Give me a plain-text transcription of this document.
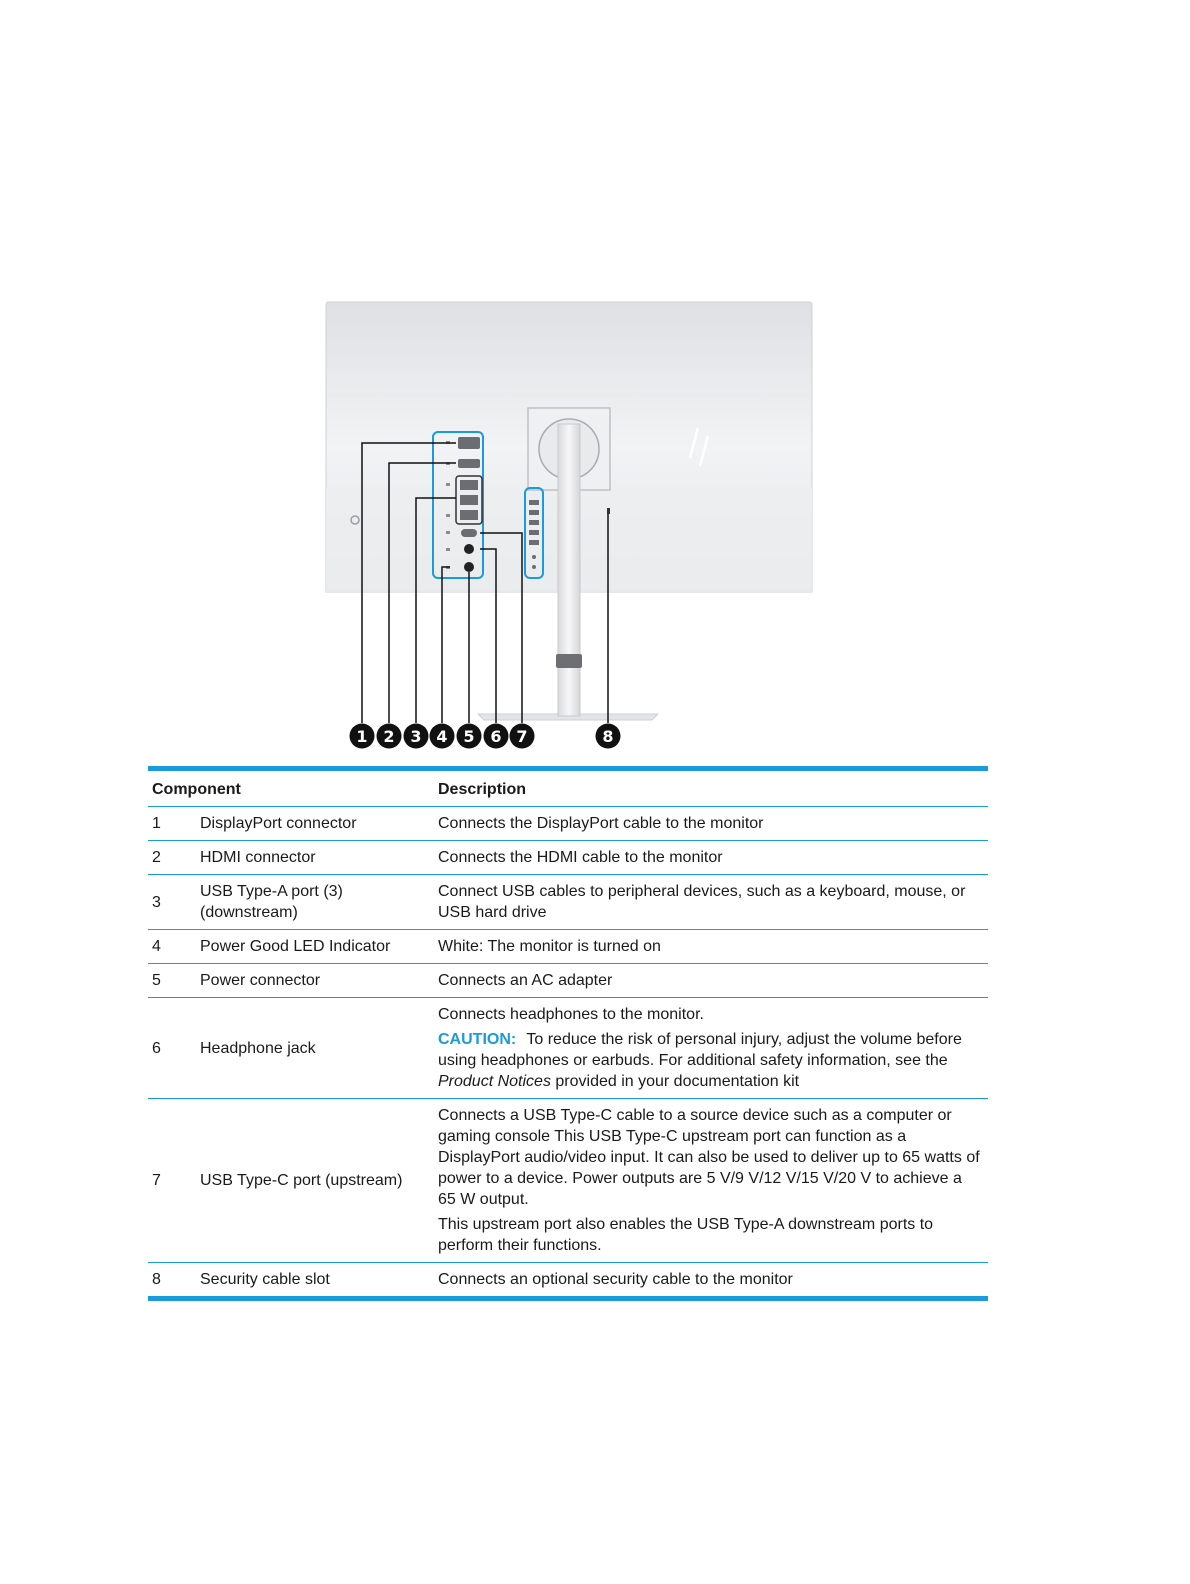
1 2 3 4 5 6 7	8
Component		Description
1	DisplayPort connector	Connects the DisplayPort cable to the monitor
2	HDMI connector	Connects the HDMI cable to the monitor
3	USB Type-A port (3) (downstream)	Connect USB cables to peripheral devices, such as a keyboard, mouse, or USB hard drive
4	Power Good LED Indicator	White: The monitor is turned on
5	Power connector	Connects an AC adapter
6	Headphone jack	Connects headphones to the monitor.

CAUTION: To reduce the risk of personal injury, adjust the volume before using headphones or earbuds. For additional safety information, see the Product Notices provided in your documentation kit

7	USB Type-C port (upstream)	Connects a USB Type-C cable to a source device such as a computer or gaming console This USB Type-C upstream port can function as a DisplayPort audio/video input. It can also be used to deliver up to 65 watts of power to a device. Power outputs are 5 V/9 V/12 V/15 V/20 V to achieve a 65 W output.

This upstream port also enables the USB Type-A downstream ports to perform their functions.

8	Security cable slot	Connects an optional security cable to the monitor
